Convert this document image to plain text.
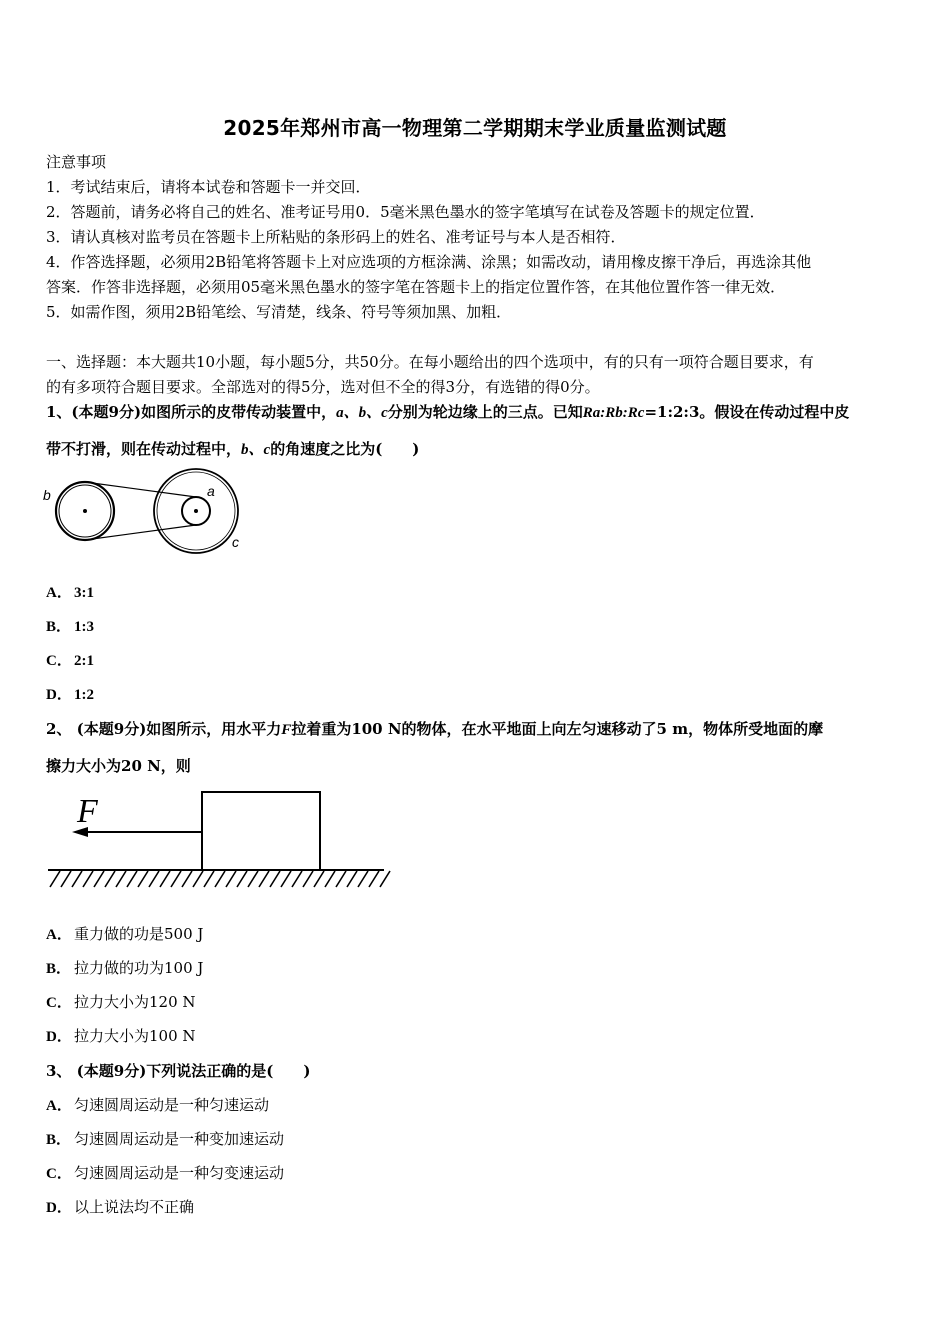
2025年郑州市高一物理第二学期期末学业质量监测试题
注意事项
1．考试结束后，请将本试卷和答题卡一并交回．
2．答题前，请务必将自己的姓名、准考证号用0．5毫米黑色墨水的签字笔填写在试卷及答题卡的规定位置．
3．请认真核对监考员在答题卡上所粘贴的条形码上的姓名、准考证号与本人是否相符．
4．作答选择题，必须用2B铅笔将答题卡上对应选项的方框涂满、涂黑；如需改动，请用橡皮擦干净后，再选涂其他
答案．作答非选择题，必须用05毫米黑色墨水的签字笔在答题卡上的指定位置作答，在其他位置作答一律无效．
5．如需作图，须用2B铅笔绘、写清楚，线条、符号等须加黑、加粗．
一、选择题：本大题共10小题，每小题5分，共50分。在每小题给出的四个选项中，有的只有一项符合题目要求，有
的有多项符合题目要求。全部选对的得5分，选对但不全的得3分，有选错的得0分。
1、(本题9分)如图所示的皮带传动装置中，a、b、c分别为轮边缘上的三点。已知Ra:Rb:Rc=1:2:3。假设在传动过程中皮
带不打滑，则在传动过程中，b、c的角速度之比为(　　)
b	a
c
A． 3:1
B． 1:3
C． 2:1
D． 1:2
2、 (本题9分)如图所示，用水平力F拉着重为100 N的物体，在水平地面上向左匀速移动了5 m，物体所受地面的摩
擦力大小为20 N，则
F
A． 重力做的功是500 J
B． 拉力做的功为100 J
C． 拉力大小为120 N
D． 拉力大小为100 N
3、 (本题9分)下列说法正确的是(　　)
A． 匀速圆周运动是一种匀速运动
B． 匀速圆周运动是一种变加速运动
C． 匀速圆周运动是一种匀变速运动
D． 以上说法均不正确
